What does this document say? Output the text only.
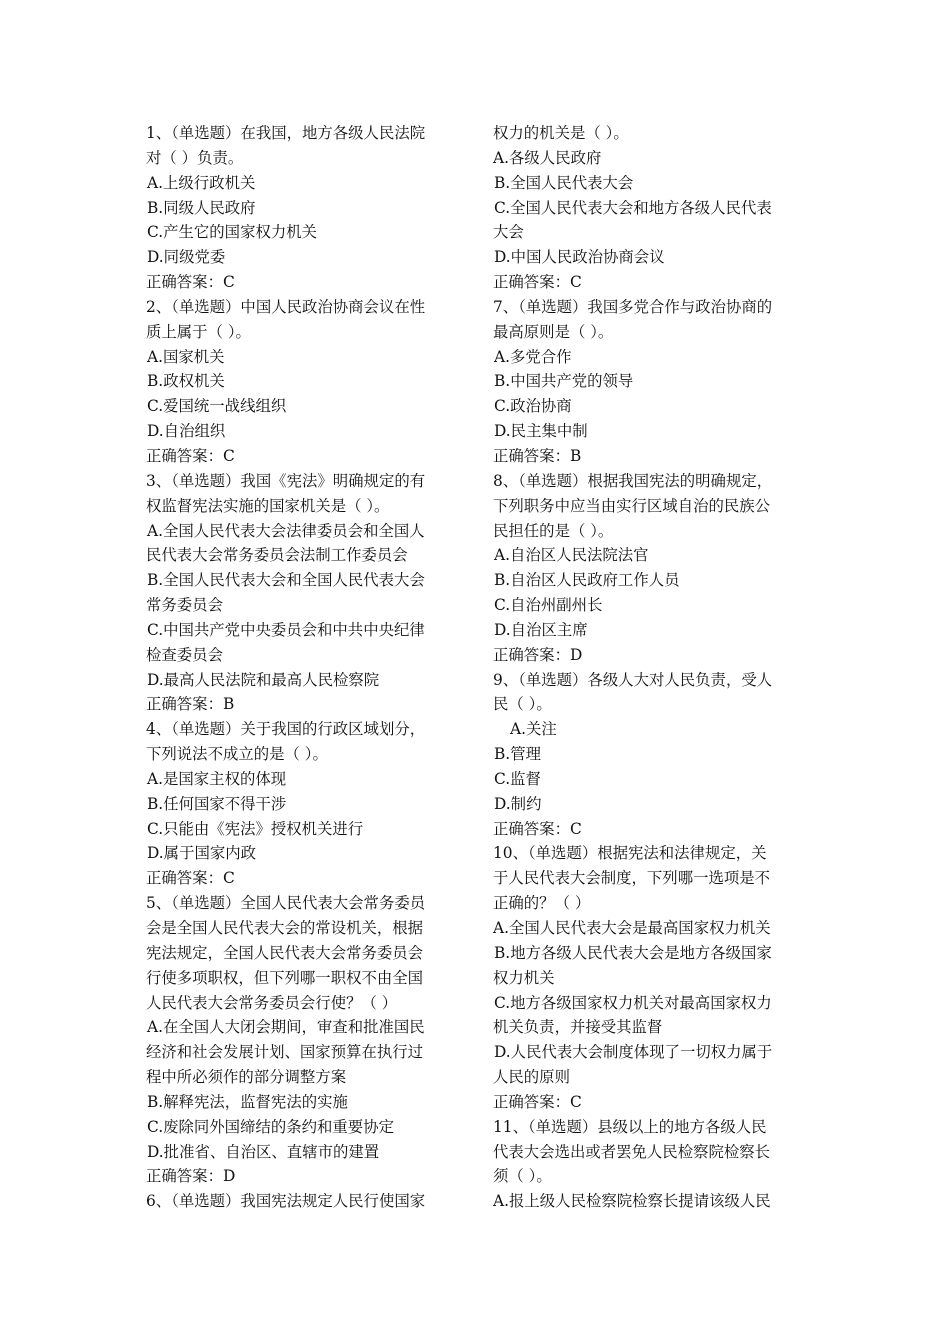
1、（单选题）在我国，地方各级人民法院
对（ ）负责。
A.上级行政机关
B.同级人民政府
C.产生它的国家权力机关
D.同级党委
正确答案：C
2、（单选题）中国人民政治协商会议在性
质上属于（ ）。
A.国家机关
B.政权机关
C.爱国统一战线组织
D.自治组织
正确答案：C
3、（单选题）我国《宪法》明确规定的有
权监督宪法实施的国家机关是（ ）。
A.全国人民代表大会法律委员会和全国人
民代表大会常务委员会法制工作委员会
B.全国人民代表大会和全国人民代表大会
常务委员会
C.中国共产党中央委员会和中共中央纪律
检查委员会
D.最高人民法院和最高人民检察院
正确答案：B
4、（单选题）关于我国的行政区域划分，
下列说法不成立的是（ ）。
A.是国家主权的体现
B.任何国家不得干涉
C.只能由《宪法》授权机关进行
D.属于国家内政
正确答案：C
5、（单选题）全国人民代表大会常务委员
会是全国人民代表大会的常设机关，根据
宪法规定，全国人民代表大会常务委员会
行使多项职权，但下列哪一职权不由全国
人民代表大会常务委员会行使？（ ）
A.在全国人大闭会期间，审查和批准国民
经济和社会发展计划、国家预算在执行过
程中所必须作的部分调整方案
B.解释宪法，监督宪法的实施
C.废除同外国缔结的条约和重要协定
D.批准省、自治区、直辖市的建置
正确答案：D
6、（单选题）我国宪法规定人民行使国家
权力的机关是（ ）。
A.各级人民政府
B.全国人民代表大会
C.全国人民代表大会和地方各级人民代表
大会
D.中国人民政治协商会议
正确答案：C
7、（单选题）我国多党合作与政治协商的
最高原则是（ ）。
A.多党合作
B.中国共产党的领导
C.政治协商
D.民主集中制
正确答案：B
8、（单选题）根据我国宪法的明确规定，
下列职务中应当由实行区域自治的民族公
民担任的是（ ）。
A.自治区人民法院法官
B.自治区人民政府工作人员
C.自治州副州长
D.自治区主席
正确答案：D
9、（单选题）各级人大对人民负责，受人
民（ ）。
A.关注
B.管理
C.监督
D.制约
正确答案：C
10、（单选题）根据宪法和法律规定，关
于人民代表大会制度，下列哪一选项是不
正确的？（ ）
A.全国人民代表大会是最高国家权力机关
B.地方各级人民代表大会是地方各级国家
权力机关
C.地方各级国家权力机关对最高国家权力
机关负责，并接受其监督
D.人民代表大会制度体现了一切权力属于
人民的原则
正确答案：C
11、（单选题）县级以上的地方各级人民
代表大会选出或者罢免人民检察院检察长
须（ ）。
A.报上级人民检察院检察长提请该级人民
